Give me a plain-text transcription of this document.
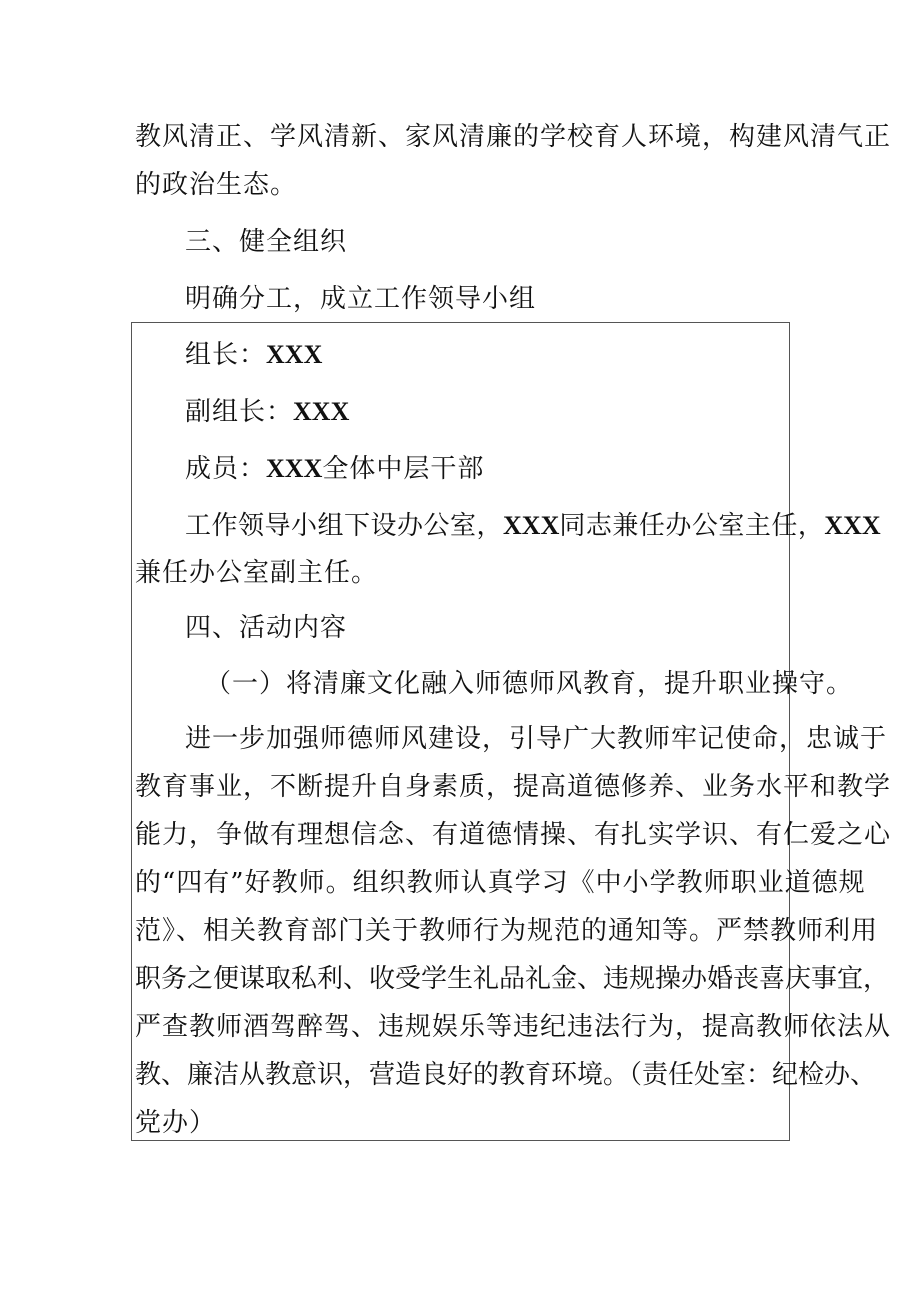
教风清正、学风清新、家风清廉的学校育人环境，构建风清气正
的政治生态。
三、健全组织
明确分工，成立工作领导小组
组长：XXX
副组长：XXX
成员：XXX全体中层干部
工作领导小组下设办公室，XXX同志兼任办公室主任，XXX
兼任办公室副主任。
四、活动内容
（一）将清廉文化融入师德师风教育，提升职业操守。
进一步加强师德师风建设，引导广大教师牢记使命，忠诚于
教育事业，不断提升自身素质，提高道德修养、业务水平和教学
能力，争做有理想信念、有道德情操、有扎实学识、有仁爱之心
的“四有”好教师。组织教师认真学习《中小学教师职业道德规
范》、相关教育部门关于教师行为规范的通知等。严禁教师利用
职务之便谋取私利、收受学生礼品礼金、违规操办婚丧喜庆事宜，
严查教师酒驾醉驾、违规娱乐等违纪违法行为，提高教师依法从
教、廉洁从教意识，营造良好的教育环境。（责任处室：纪检办、
党办）
